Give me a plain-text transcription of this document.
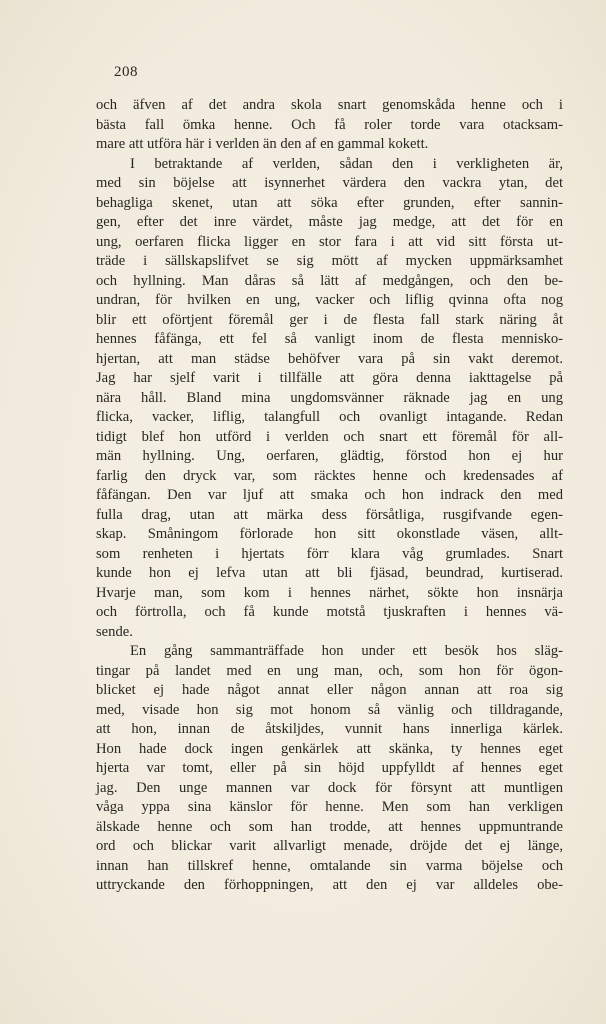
208
och äfven af det andra skola snart genomskåda henne och i
bästa fall ömka henne. Och få roler torde vara otacksam-
mare att utföra här i verlden än den af en gammal kokett.
I betraktande af verlden, sådan den i verkligheten är,
med sin böjelse att isynnerhet värdera den vackra ytan, det
behagliga skenet, utan att söka efter grunden, efter sannin-
gen, efter det inre värdet, måste jag medge, att det för en
ung, oerfaren flicka ligger en stor fara i att vid sitt första ut-
träde i sällskapslifvet se sig mött af mycken uppmärksamhet
och hyllning. Man dåras så lätt af medgången, och den be-
undran, för hvilken en ung, vacker och liflig qvinna ofta nog
blir ett oförtjent föremål ger i de flesta fall stark näring åt
hennes fåfänga, ett fel så vanligt inom de flesta mennisko-
hjertan, att man städse behöfver vara på sin vakt deremot.
Jag har sjelf varit i tillfälle att göra denna iakttagelse på
nära håll. Bland mina ungdomsvänner räknade jag en ung
flicka, vacker, liflig, talangfull och ovanligt intagande. Redan
tidigt blef hon utförd i verlden och snart ett föremål för all-
män hyllning. Ung, oerfaren, glädtig, förstod hon ej hur
farlig den dryck var, som räcktes henne och kredensades af
fåfängan. Den var ljuf att smaka och hon indrack den med
fulla drag, utan att märka dess försåtliga, rusgifvande egen-
skap. Småningom förlorade hon sitt okonstlade väsen, allt-
som renheten i hjertats förr klara våg grumlades. Snart
kunde hon ej lefva utan att bli fjäsad, beundrad, kurtiserad.
Hvarje man, som kom i hennes närhet, sökte hon insnärja
och förtrolla, och få kunde motstå tjuskraften i hennes vä-
sende.
En gång sammanträffade hon under ett besök hos släg-
tingar på landet med en ung man, och, som hon för ögon-
blicket ej hade något annat eller någon annan att roa sig
med, visade hon sig mot honom så vänlig och tilldragande,
att hon, innan de åtskiljdes, vunnit hans innerliga kärlek.
Hon hade dock ingen genkärlek att skänka, ty hennes eget
hjerta var tomt, eller på sin höjd uppfylldt af hennes eget
jag. Den unge mannen var dock för försynt att muntligen
våga yppa sina känslor för henne. Men som han verkligen
älskade henne och som han trodde, att hennes uppmuntrande
ord och blickar varit allvarligt menade, dröjde det ej länge,
innan han tillskref henne, omtalande sin varma böjelse och
uttryckande den förhoppningen, att den ej var alldeles obe-
